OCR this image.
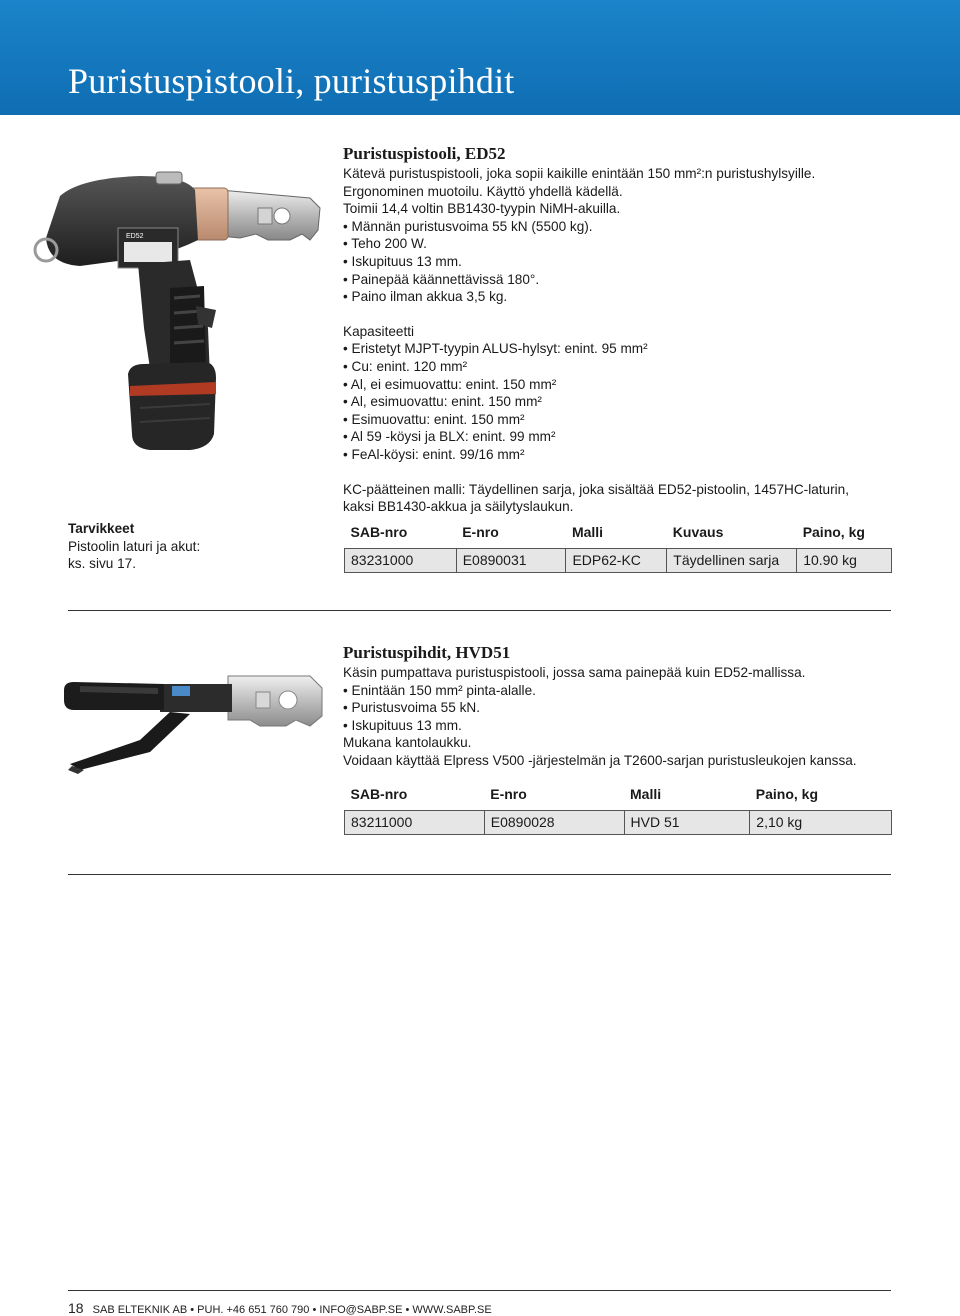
Puristuspistooli, puristuspihdit
ED52
Puristuspistooli, ED52
Kätevä puristuspistooli, joka sopii kaikille enintään 150 mm²:n puristushylsyille.
Ergonominen muotoilu. Käyttö yhdellä kädellä.
Toimii 14,4 voltin BB1430-tyypin NiMH-akuilla.
• Männän puristusvoima 55 kN (5500 kg).
• Teho 200 W.
• Iskupituus 13 mm.
• Painepää käännettävissä 180°.
• Paino ilman akkua 3,5 kg.
Kapasiteetti
• Eristetyt MJPT-tyypin ALUS-hylsyt: enint. 95 mm²
• Cu: enint. 120 mm²
• Al, ei esimuovattu: enint. 150 mm²
• Al, esimuovattu: enint. 150 mm²
• Esimuovattu: enint. 150 mm²
• Al 59 -köysi ja BLX: enint. 99 mm²
• FeAl-köysi: enint. 99/16 mm²
KC-päätteinen malli: Täydellinen sarja, joka sisältää ED52-pistoolin, 1457HC-laturin,
kaksi BB1430-akkua ja säilytyslaukun.
Tarvikkeet
Pistoolin laturi ja akut:
ks. sivu 17.
SAB-nro	E-nro	Malli	Kuvaus	Paino, kg
83231000	E0890031	EDP62-KC	Täydellinen sarja	10.90 kg
Puristuspihdit, HVD51
Käsin pumpattava puristuspistooli, jossa sama painepää kuin ED52-mallissa.
• Enintään 150 mm² pinta-alalle.
• Puristusvoima 55 kN.
• Iskupituus 13 mm.
Mukana kantolaukku.
Voidaan käyttää Elpress V500 -järjestelmän ja T2600-sarjan puristusleukojen kanssa.
SAB-nro	E-nro	Malli	Paino, kg
83211000	E0890028	HVD 51	2,10 kg
18 SAB ELTEKNIK AB • PUH. +46 651 760 790 • INFO@SABP.SE • WWW.SABP.SE
